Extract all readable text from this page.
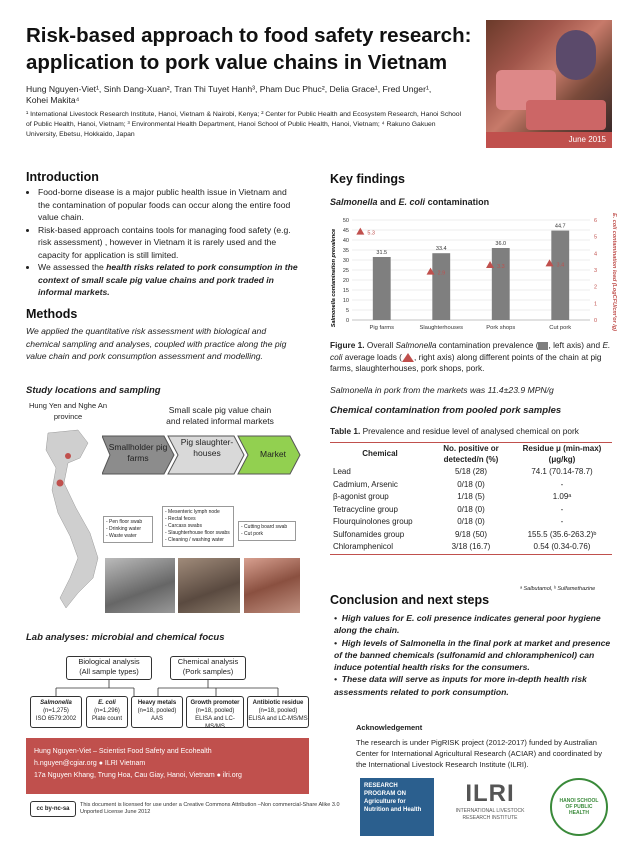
Risk-based approach to food safety research:
application to pork value chains in Vietnam
Hung Nguyen-Viet¹, Sinh Dang-Xuan², Tran Thi Tuyet Hanh³, Pham Duc Phuc², Delia Grace¹, Fred Unger¹,
Kohei Makita⁴
¹ International Livestock Research Institute, Hanoi, Vietnam & Nairobi, Kenya; ² Center for Public Health and Ecosystem Research, Hanoi School of Public Health, Hanoi, Vietnam; ³ Environmental Health Department, Hanoi School of Public Health, Hanoi, Vietnam; ⁴ Rakuno Gakuen University, Ebetsu, Hokkaido, Japan
June 2015
Introduction
• Food-borne disease is a major public health issue in Vietnam and the contamination of popular foods can occur along the entire food value chain.
• Risk-based approach contains tools for managing food safety (e.g. risk assessment) , however in Vietnam it is rarely used and the capacity for application is still limited.
• We assessed the health risks related to pork consumption in the context of small scale pig value chains and pork traded in informal markets.
Methods
We applied the quantitative risk assessment with biological and chemical sampling and analyses, coupled with practice along the pig value chain and pork consumption assessment and modelling.
Study locations and sampling
Hung Yen and Nghe An province
Small scale pig value chain
and related informal markets
Smallholder pig farms
Pig slaughter-houses	Market
- Pen floor swab
- Drinking water
- Waste water
- Mesenteric lymph node
- Rectal feces
- Carcass swabs
- Slaughterhouse floor swabs
- Cleaning / washing water
- Cutting board swab
- Cut pork
Lab analyses: microbial and chemical focus
Biological analysis
(All sample types)
Chemical analysis
(Pork samples)
Salmonella
(n=1,275)
ISO 6579:2002
E. coli
(n=1,296)
Plate count
Heavy metals
(n=18, pooled)
AAS
Growth promoter
(n=18, pooled)
ELISA and LC-MS/MS
Antibiotic residue
(n=18, pooled)
ELISA and LC-MS/MS
Hung Nguyen-Viet – Scientist Food Safety and Ecohealth
h.nguyen@cgiar.org ● ILRI Vietnam
17a Nguyen Khang, Trung Hoa, Cau Giay, Hanoi, Vietnam ● ilri.org
cc by-nc-sa
This document is licensed for use under a Creative Commons Attribution –Non commercial-Share Alike 3.0 Unported License June 2012
Key findings
Salmonella and E. coli contamination
0
5
10
15
20
25
30
35
40
45
50
0
1
2
3
4
5
6
31.5
5.3
Pig farms
33.4
2.9
Slaughterhouses
36.0
3.3
Pork shops
44.7
3.4
Cut pork
Salmonella contamination prevalence	E. coli contamination load (LogCFU/cm²or /g)
Figure 1. Overall Salmonella contamination prevalence ( , left axis) and E. coli average loads ( , right axis) along different points of the chain at pig farms, slaughterhouses, pork shops, pork.
Salmonella in pork from the markets was 11.4±23.9 MPN/g
Chemical contamination from pooled pork samples
Table 1. Prevalence and residue level of analysed chemical on pork
Chemical	No. positive or detected/n (%)	Residue μ (min-max) (μg/kg)
Lead	5/18 (28)	74.1 (70.14-78.7)
Cadmium, Arsenic	0/18 (0)	-
β-agonist group	1/18 (5)	1.09ᵃ
Tetracycline group	0/18 (0)	-
Flourquinolones group	0/18 (0)	-
Sulfonamides group	9/18 (50)	155.5 (35.6-263.2)ᵇ
Chloramphenicol	3/18 (16.7)	0.54 (0.34-0.76)
ᵃ Salbutamol, ᵇ Sulfamethazine
Conclusion and next steps
•  High values for E. coli presence indicates general poor hygiene along the chain.
•  High levels of Salmonella in the final pork at market and presence of the banned chemicals (sulfonamid and chloramphenicol) can induce potential health risks for the consumers.
•  These data will serve as inputs for more in-depth health risk assessments related to pork consumption.
Acknowledgement
The research is under PigRISK project (2012-2017) funded by Australian Center for International Agricultural Research (ACIAR) and coordinated by the International Livestock Research Institute (ILRI).
RESEARCH PROGRAM ON Agriculture for Nutrition and Health
ILRI
INTERNATIONAL LIVESTOCK RESEARCH INSTITUTE
HANOI SCHOOL OF PUBLIC HEALTH
